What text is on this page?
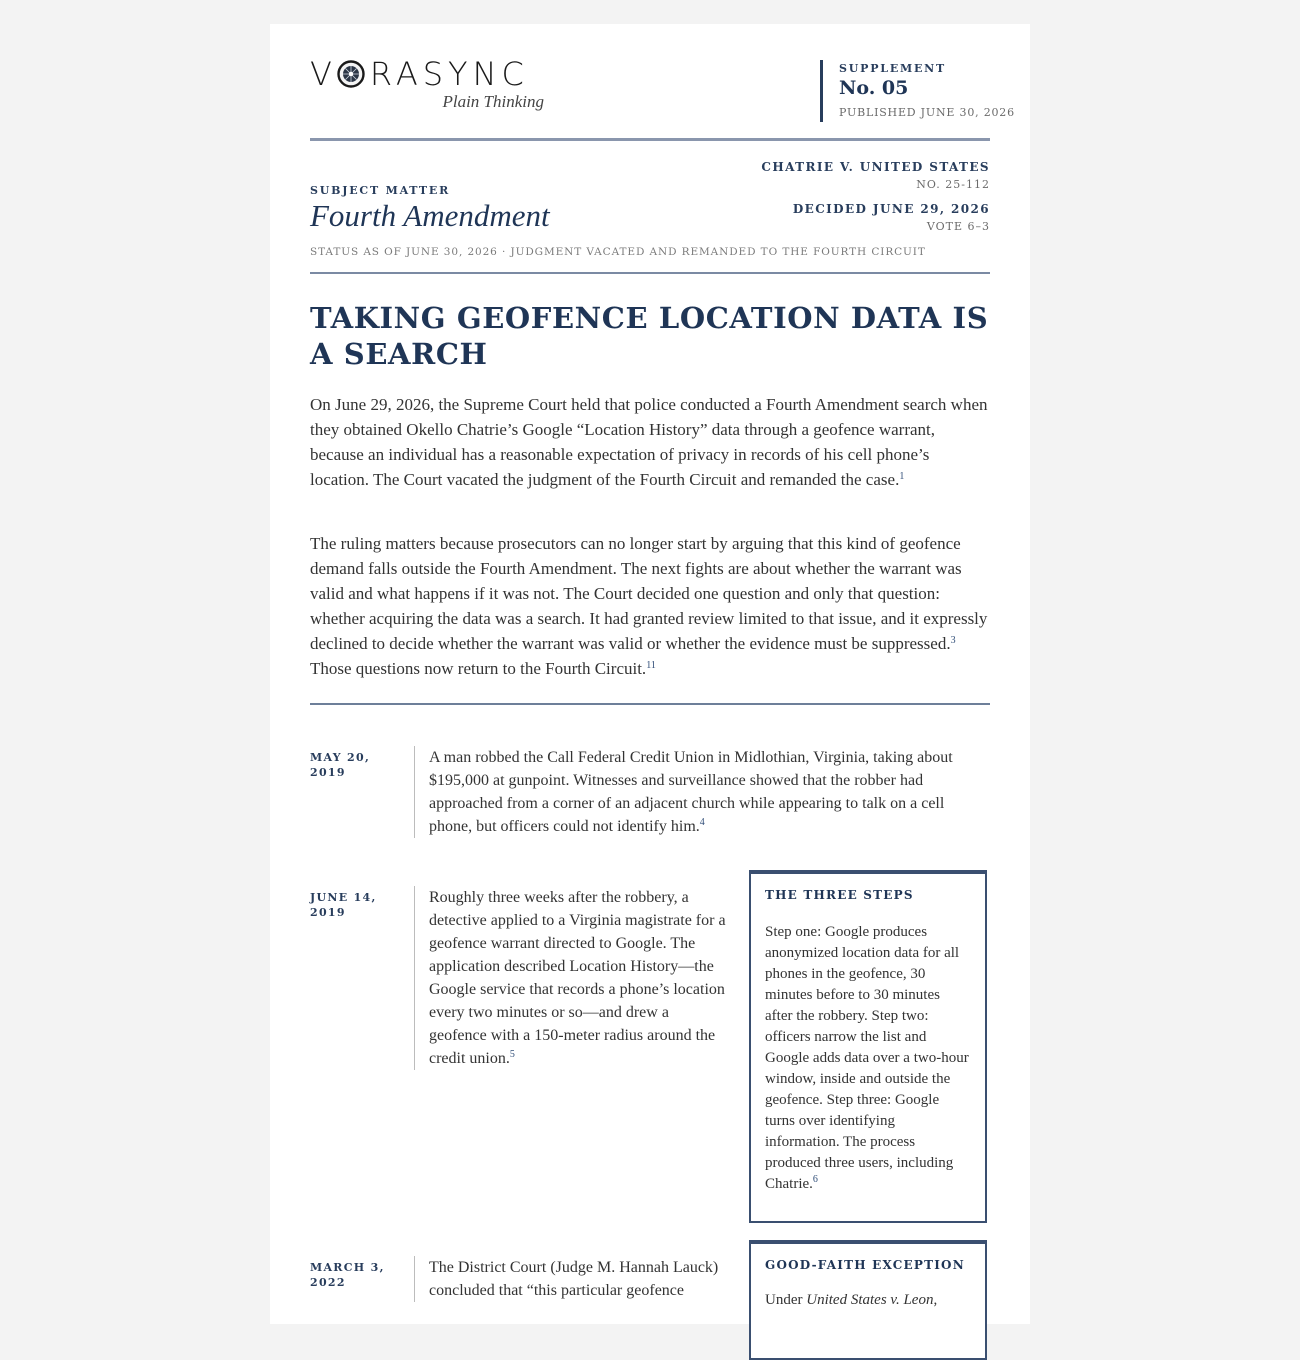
V RASYNC
Plain Thinking
SUPPLEMENT
No. 05
PUBLISHED JUNE 30, 2026
SUBJECT MATTER
Fourth Amendment
CHATRIE V. UNITED STATES
NO. 25-112
DECIDED JUNE 29, 2026
VOTE 6–3
STATUS AS OF JUNE 30, 2026 · JUDGMENT VACATED AND REMANDED TO THE FOURTH CIRCUIT
TAKING GEOFENCE LOCATION DATA IS A SEARCH

On June 29, 2026, the Supreme Court held that police conducted a Fourth Amendment search when they obtained Okello Chatrie’s Google “Location History” data through a geofence warrant, because an individual has a reasonable expectation of privacy in records of his cell phone’s location. The Court vacated the judgment of the Fourth Circuit and remanded the case.$^1$

The ruling matters because prosecutors can no longer start by arguing that this kind of geofence demand falls outside the Fourth Amendment. The next fights are about whether the warrant was valid and what happens if it was not. The Court decided one question and only that question: whether acquiring the data was a search. It had granted review limited to that issue, and it expressly declined to decide whether the warrant was valid or whether the evidence must be suppressed.$^3$ Those questions now return to the Fourth Circuit.$^{11}$

MAY 20, 2019

A man robbed the Call Federal Credit Union in Midlothian, Virginia, taking about $195,000 at gunpoint. Witnesses and surveillance showed that the robber had approached from a corner of an adjacent church while appearing to talk on a cell phone, but officers could not identify him.$^4$

JUNE 14, 2019

Roughly three weeks after the robbery, a detective applied to a Virginia magistrate for a geofence warrant directed to Google. The application described Location History—the Google service that records a phone’s location every two minutes or so—and drew a geofence with a 150-meter radius around the credit union.$^5$

THE THREE STEPS
Step one: Google produces anonymized location data for all phones in the geofence, 30 minutes before to 30 minutes after the robbery. Step two: officers narrow the list and Google adds data over a two-hour window, inside and outside the geofence. Step three: Google turns over identifying information. The process produced three users, including Chatrie.$^6$
MARCH 3, 2022

The District Court (Judge M. Hannah Lauck) concluded that “this particular geofence

GOOD-FAITH EXCEPTION
Under United States v. Leon,
